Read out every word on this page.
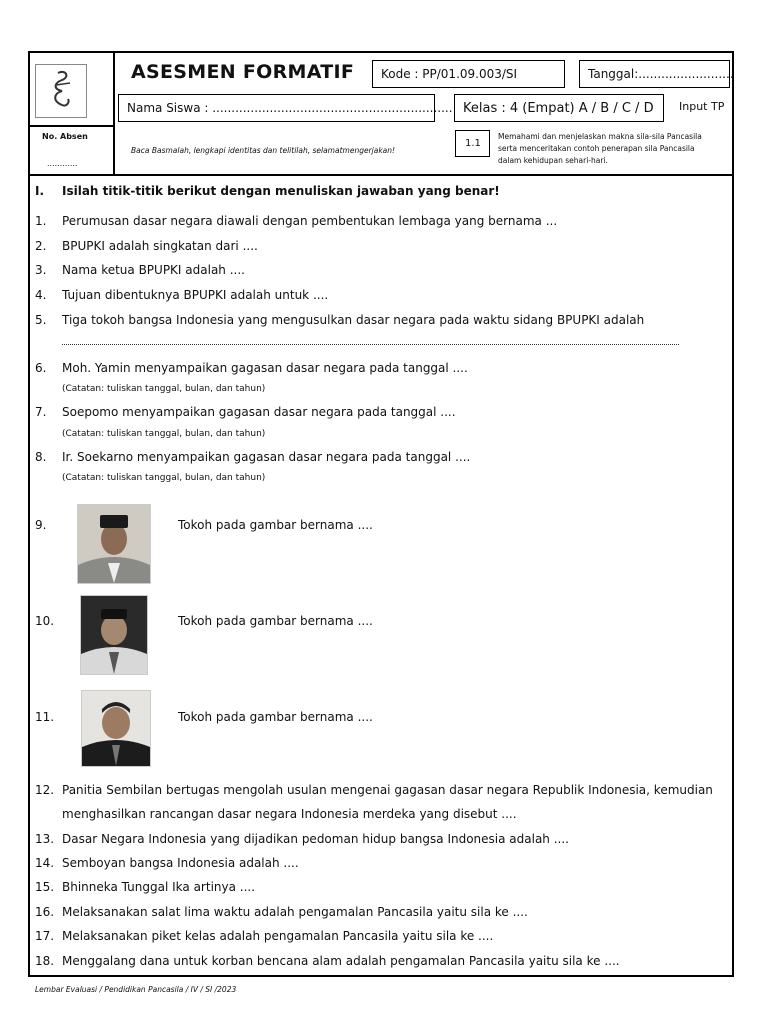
ASESMEN FORMATIF Kode : PP/01.09.003/SI	Tanggal:.........................
Nama Siswa : ............................................................... Kelas : 4 (Empat) A / B / C / D Input TP
No. Absen
............
Baca Basmalah, lengkapi identitas dan telitilah, selamatmengerjakan!
1.1
Memahami dan menjelaskan makna sila-sila Pancasila
serta menceritakan contoh penerapan sila Pancasila
dalam kehidupan sehari-hari.
I. Isilah titik-titik berikut dengan menuliskan jawaban yang benar!
1. Perumusan dasar negara diawali dengan pembentukan lembaga yang bernama ...
2. BPUPKI adalah singkatan dari ....
3. Nama ketua BPUPKI adalah ....
4. Tujuan dibentuknya BPUPKI adalah untuk ....
5. Tiga tokoh bangsa Indonesia yang mengusulkan dasar negara pada waktu sidang BPUPKI adalah
6. Moh. Yamin menyampaikan gagasan dasar negara pada tanggal ....
(Catatan: tuliskan tanggal, bulan, dan tahun)
7. Soepomo menyampaikan gagasan dasar negara pada tanggal ....
(Catatan: tuliskan tanggal, bulan, dan tahun)
8. Ir. Soekarno menyampaikan gagasan dasar negara pada tanggal ....
(Catatan: tuliskan tanggal, bulan, dan tahun)
9.	Tokoh pada gambar bernama ....
10.	Tokoh pada gambar bernama ....
11.	Tokoh pada gambar bernama ....
12. Panitia Sembilan bertugas mengolah usulan mengenai gagasan dasar negara Republik Indonesia, kemudian
menghasilkan rancangan dasar negara Indonesia merdeka yang disebut ....
13. Dasar Negara Indonesia yang dijadikan pedoman hidup bangsa Indonesia adalah ....
14. Semboyan bangsa Indonesia adalah ....
15. Bhinneka Tunggal Ika artinya ....
16. Melaksanakan salat lima waktu adalah pengamalan Pancasila yaitu sila ke ....
17. Melaksanakan piket kelas adalah pengamalan Pancasila yaitu sila ke ....
18. Menggalang dana untuk korban bencana alam adalah pengamalan Pancasila yaitu sila ke ....
Lembar Evaluasi / Pendidikan Pancasila / IV / SI /2023
